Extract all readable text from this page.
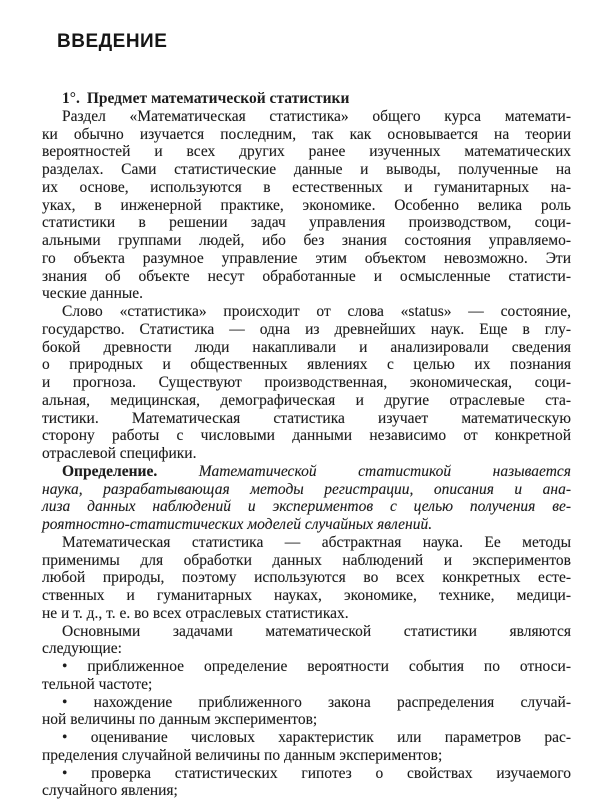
ВВЕДЕНИЕ
1°. Предмет математической статистики
Раздел «Математическая статистика» общего курса математи-
ки обычно изучается последним, так как основывается на теории
вероятностей и всех других ранее изученных математических
разделах. Сами статистические данные и выводы, полученные на
их основе, используются в естественных и гуманитарных на-
уках, в инженерной практике, экономике. Особенно велика роль
статистики в решении задач управления производством, соци-
альными группами людей, ибо без знания состояния управляемо-
го объекта разумное управление этим объектом невозможно. Эти
знания об объекте несут обработанные и осмысленные статисти-
ческие данные.
Слово «статистика» происходит от слова «status» — состояние,
государство. Статистика — одна из древнейших наук. Еще в глу-
бокой древности люди накапливали и анализировали сведения
о природных и общественных явлениях с целью их познания
и прогноза. Существуют производственная, экономическая, соци-
альная, медицинская, демографическая и другие отраслевые ста-
тистики. Математическая статистика изучает математическую
сторону работы с числовыми данными независимо от конкретной
отраслевой специфики.
Определение. Математической статистикой называется
наука, разрабатывающая методы регистрации, описания и ана-
лиза данных наблюдений и экспериментов с целью получения ве-
роятностно-статистических моделей случайных явлений.
Математическая статистика — абстрактная наука. Ее методы
применимы для обработки данных наблюдений и экспериментов
любой природы, поэтому используются во всех конкретных есте-
ственных и гуманитарных науках, экономике, технике, медици-
не и т. д., т. е. во всех отраслевых статистиках.
Основными задачами математической статистики являются
следующие:
• приближенное определение вероятности события по относи-
тельной частоте;
• нахождение приближенного закона распределения случай-
ной величины по данным экспериментов;
• оценивание числовых характеристик или параметров рас-
пределения случайной величины по данным экспериментов;
• проверка статистических гипотез о свойствах изучаемого
случайного явления;
